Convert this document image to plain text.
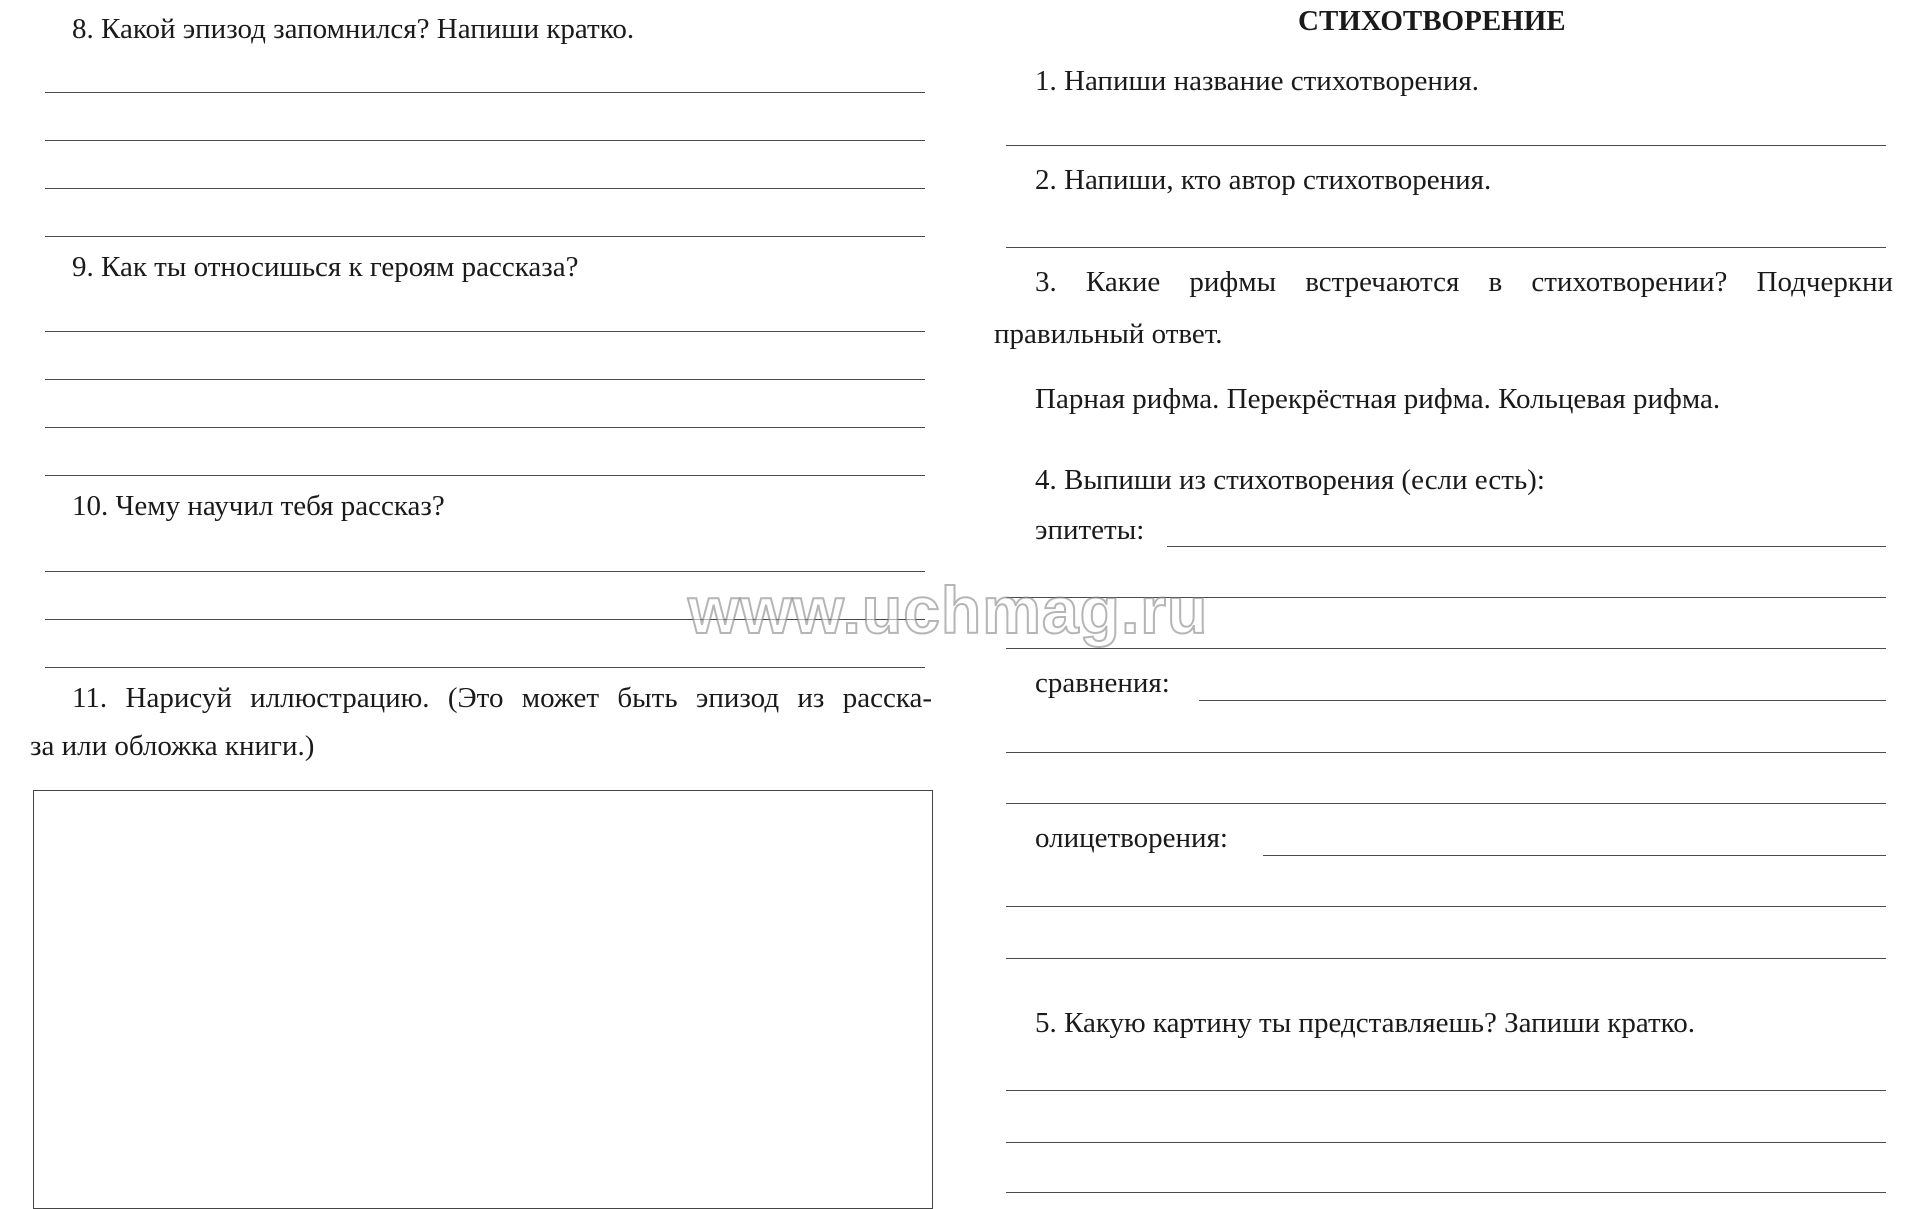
8. Какой эпизод запомнился? Напиши кратко.
9. Как ты относишься к героям рассказа?
10. Чему научил тебя рассказ?
11. Нарисуй иллюстрацию. (Это может быть эпизод из расска-
за или обложка книги.)
СТИХОТВОРЕНИЕ
1. Напиши название стихотворения.
2. Напиши, кто автор стихотворения.
3. Какие рифмы встречаются в стихотворении? Подчеркни
правильный ответ.
Парная рифма. Перекрёстная рифма. Кольцевая рифма.
4. Выпиши из стихотворения (если есть):
эпитеты:
сравнения:
олицетворения:
5. Какую картину ты представляешь? Запиши кратко.
www.uchmag.ru
